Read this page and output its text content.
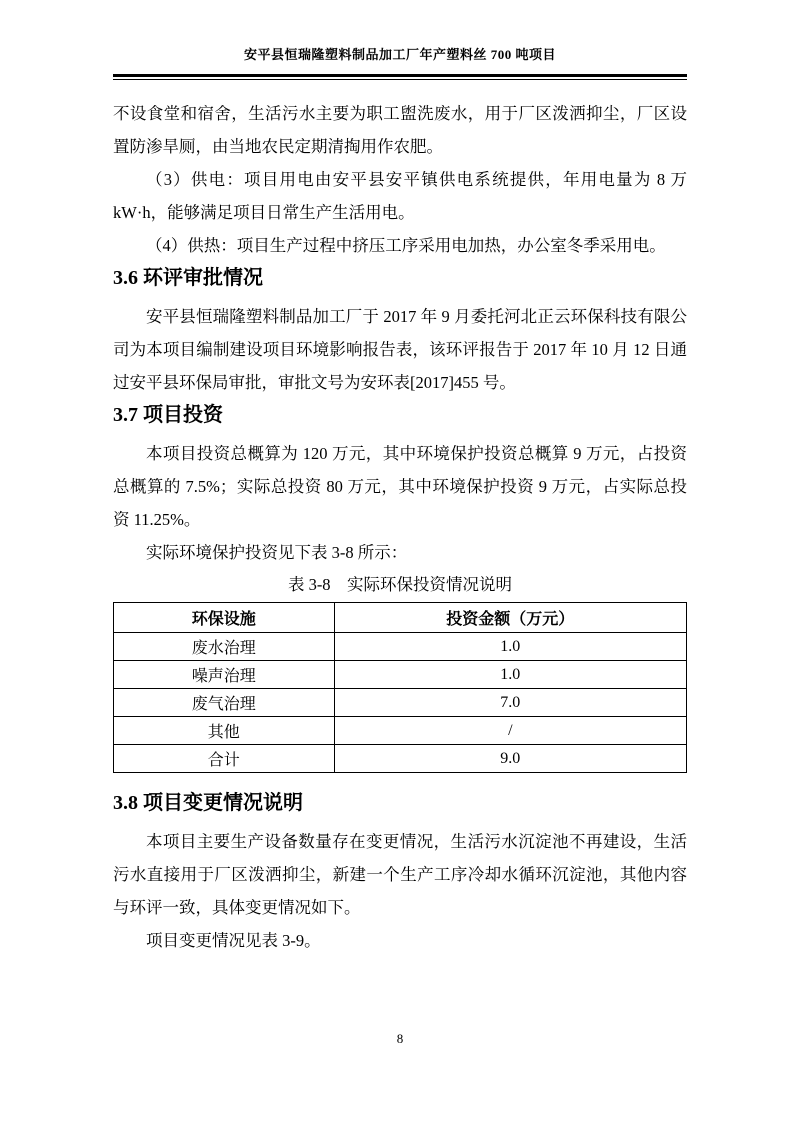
安平县恒瑞隆塑料制品加工厂年产塑料丝 700 吨项目

不设食堂和宿舍，生活污水主要为职工盥洗废水，用于厂区泼洒抑尘，厂区设置防渗旱厕，由当地农民定期清掏用作农肥。

（3）供电：项目用电由安平县安平镇供电系统提供，年用电量为 8 万 kW·h，能够满足项目日常生产生活用电。

（4）供热：项目生产过程中挤压工序采用电加热，办公室冬季采用电。

3.6 环评审批情况

安平县恒瑞隆塑料制品加工厂于 2017 年 9 月委托河北正云环保科技有限公司为本项目编制建设项目环境影响报告表，该环评报告于 2017 年 10 月 12 日通过安平县环保局审批，审批文号为安环表[2017]455 号。

3.7 项目投资

本项目投资总概算为 120 万元，其中环境保护投资总概算 9 万元，占投资总概算的 7.5%；实际总投资 80 万元，其中环境保护投资 9 万元，占实际总投资 11.25%。

实际环境保护投资见下表 3-8 所示：

表 3-8　实际环保投资情况说明

环保设施	投资金额（万元）
废水治理	1.0
噪声治理	1.0
废气治理	7.0
其他	/
合计	9.0
3.8 项目变更情况说明

本项目主要生产设备数量存在变更情况，生活污水沉淀池不再建设，生活污水直接用于厂区泼洒抑尘，新建一个生产工序冷却水循环沉淀池，其他内容与环评一致，具体变更情况如下。

项目变更情况见表 3-9。

8
